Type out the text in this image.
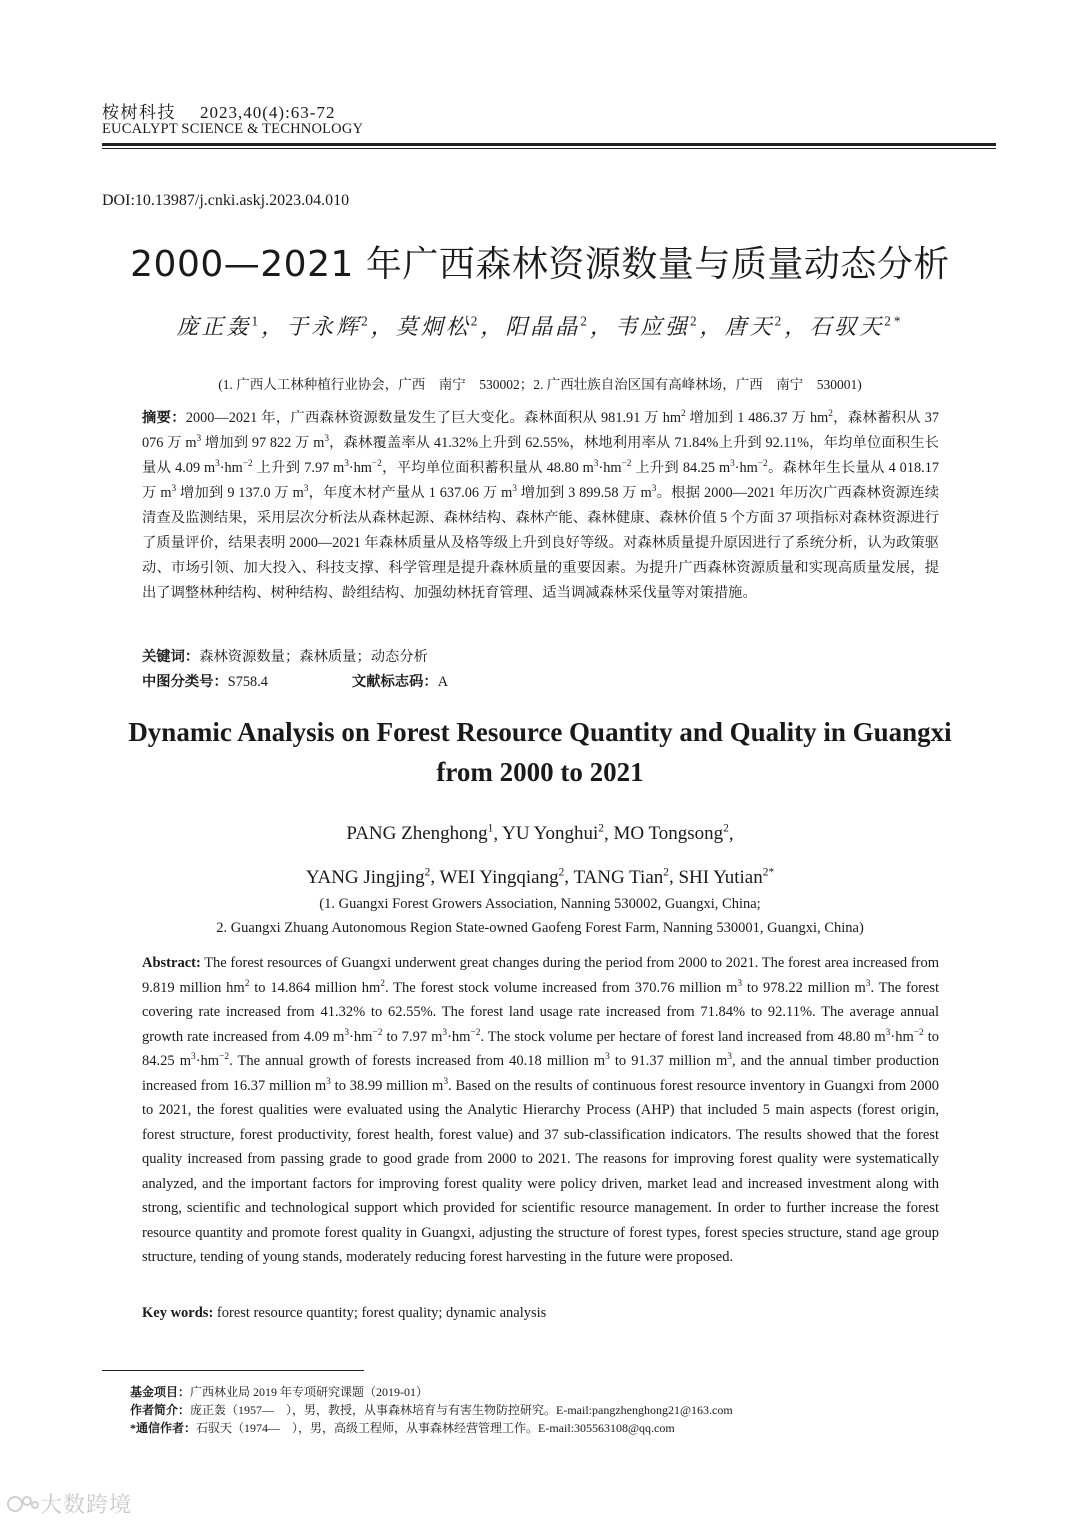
桉树科技 2023,40(4):63-72
EUCALYPT SCIENCE & TECHNOLOGY
DOI:10.13987/j.cnki.askj.2023.04.010
2000—2021 年广西森林资源数量与质量动态分析
庞正轰$^1$，于永辉$^2$，莫炯松$^2$，阳晶晶$^2$，韦应强$^2$，唐天$^2$，石驭天$^{2*}$
(1. 广西人工林种植行业协会，广西　南宁　530002；2. 广西壮族自治区国有高峰林场，广西　南宁　530001)
摘要：2000—2021 年，广西森林资源数量发生了巨大变化。森林面积从 981.91 万 $hm^2$ 增加到 1 486.37 万 $hm^2$，森林蓄积从 37 076 万 $m^3$ 增加到 97 822 万 $m^3$，森林覆盖率从 41.32%上升到 62.55%，林地利用率从 71.84%上升到 92.11%，年均单位面积生长量从 4.09 $m^3\cdot hm^{-2}$ 上升到 7.97 $m^3\cdot hm^{-2}$，平均单位面积蓄积量从 48.80 $m^3\cdot hm^{-2}$ 上升到 84.25 $m^3\cdot hm^{-2}$。森林年生长量从 4 018.17 万 $m^3$ 增加到 9 137.0 万 $m^3$，年度木材产量从 1 637.06 万 $m^3$ 增加到 3 899.58 万 $m^3$。根据 2000—2021 年历次广西森林资源连续清查及监测结果，采用层次分析法从森林起源、森林结构、森林产能、森林健康、森林价值 5 个方面 37 项指标对森林资源进行了质量评价，结果表明 2000—2021 年森林质量从及格等级上升到良好等级。对森林质量提升原因进行了系统分析，认为政策驱动、市场引领、加大投入、科技支撑、科学管理是提升森林质量的重要因素。为提升广西森林资源质量和实现高质量发展，提出了调整林种结构、树种结构、龄组结构、加强幼林抚育管理、适当调减森林采伐量等对策措施。
关键词：森林资源数量；森林质量；动态分析
中图分类号：S758.4	文献标志码：A
Dynamic Analysis on Forest Resource Quantity and Quality in Guangxi from 2000 to 2021
PANG Zhenghong$^1$, YU Yonghui$^2$, MO Tongsong$^2$,
YANG Jingjing$^2$, WEI Yingqiang$^2$, TANG Tian$^2$, SHI Yutian$^{2*}$
(1. Guangxi Forest Growers Association, Nanning 530002, Guangxi, China;
2. Guangxi Zhuang Autonomous Region State-owned Gaofeng Forest Farm, Nanning 530001, Guangxi, China)
Abstract: The forest resources of Guangxi underwent great changes during the period from 2000 to 2021. The forest area increased from 9.819 million $hm^2$ to 14.864 million $hm^2$. The forest stock volume increased from 370.76 million $m^3$ to 978.22 million $m^3$. The forest covering rate increased from 41.32% to 62.55%. The forest land usage rate increased from 71.84% to 92.11%. The average annual growth rate increased from 4.09 $m^3\cdot hm^{-2}$ to 7.97 $m^3\cdot hm^{-2}$. The stock volume per hectare of forest land increased from 48.80 $m^3\cdot hm^{-2}$ to 84.25 $m^3\cdot hm^{-2}$. The annual growth of forests increased from 40.18 million $m^3$ to 91.37 million $m^3$, and the annual timber production increased from 16.37 million $m^3$ to 38.99 million $m^3$. Based on the results of continuous forest resource inventory in Guangxi from 2000 to 2021, the forest qualities were evaluated using the Analytic Hierarchy Process (AHP) that included 5 main aspects (forest origin, forest structure, forest productivity, forest health, forest value) and 37 sub-classification indicators. The results showed that the forest quality increased from passing grade to good grade from 2000 to 2021. The reasons for improving forest quality were systematically analyzed, and the important factors for improving forest quality were policy driven, market lead and increased investment along with strong, scientific and technological support which provided for scientific resource management. In order to further increase the forest resource quantity and promote forest quality in Guangxi, adjusting the structure of forest types, forest species structure, stand age group structure, tending of young stands, moderately reducing forest harvesting in the future were proposed.
Key words: forest resource quantity; forest quality; dynamic analysis
基金项目：广西林业局 2019 年专项研究课题（2019-01）
作者简介：庞正轰（1957—　），男，教授，从事森林培育与有害生物防控研究。E-mail:pangzhenghong21@163.com
*通信作者：石驭天（1974—　），男，高级工程师，从事森林经营管理工作。E-mail:305563108@qq.com
大数跨境
